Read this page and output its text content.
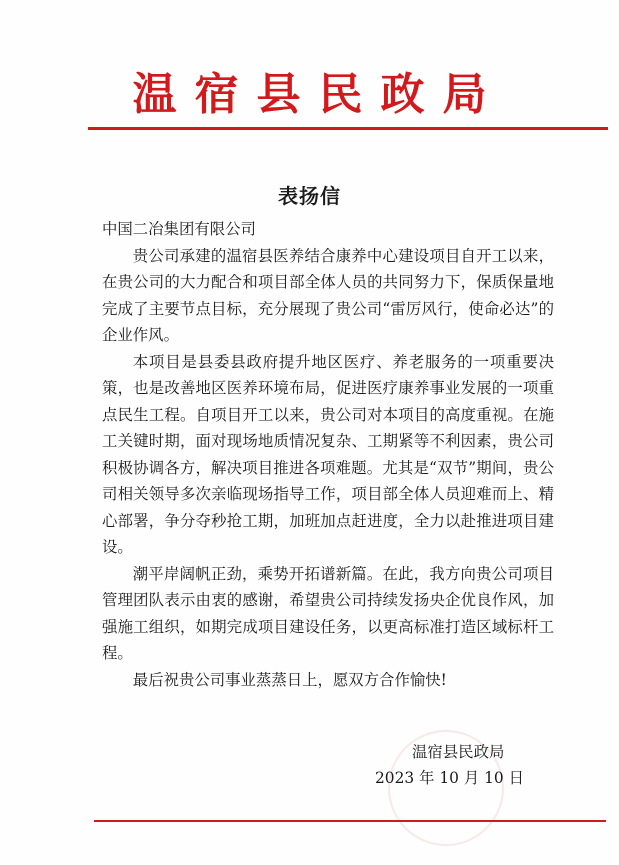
温宿县民政局
表扬信

中国二冶集团有限公司

贵公司承建的温宿县医养结合康养中心建设项目自开工以来，在贵公司的大力配合和项目部全体人员的共同努力下，保质保量地完成了主要节点目标，充分展现了贵公司“雷厉风行，使命必达”的企业作风。

本项目是县委县政府提升地区医疗、养老服务的一项重要决策，也是改善地区医养环境布局，促进医疗康养事业发展的一项重点民生工程。自项目开工以来，贵公司对本项目的高度重视。在施工关键时期，面对现场地质情况复杂、工期紧等不利因素，贵公司积极协调各方，解决项目推进各项难题。尤其是“双节”期间，贵公司相关领导多次亲临现场指导工作，项目部全体人员迎难而上、精心部署，争分夺秒抢工期，加班加点赶进度，全力以赴推进项目建设。

潮平岸阔帆正劲，乘势开拓谱新篇。在此，我方向贵公司项目管理团队表示由衷的感谢，希望贵公司持续发扬央企优良作风，加强施工组织，如期完成项目建设任务，以更高标准打造区域标杆工程。

最后祝贵公司事业蒸蒸日上，愿双方合作愉快!

温宿县民政局
2023 年 10 月 10 日
